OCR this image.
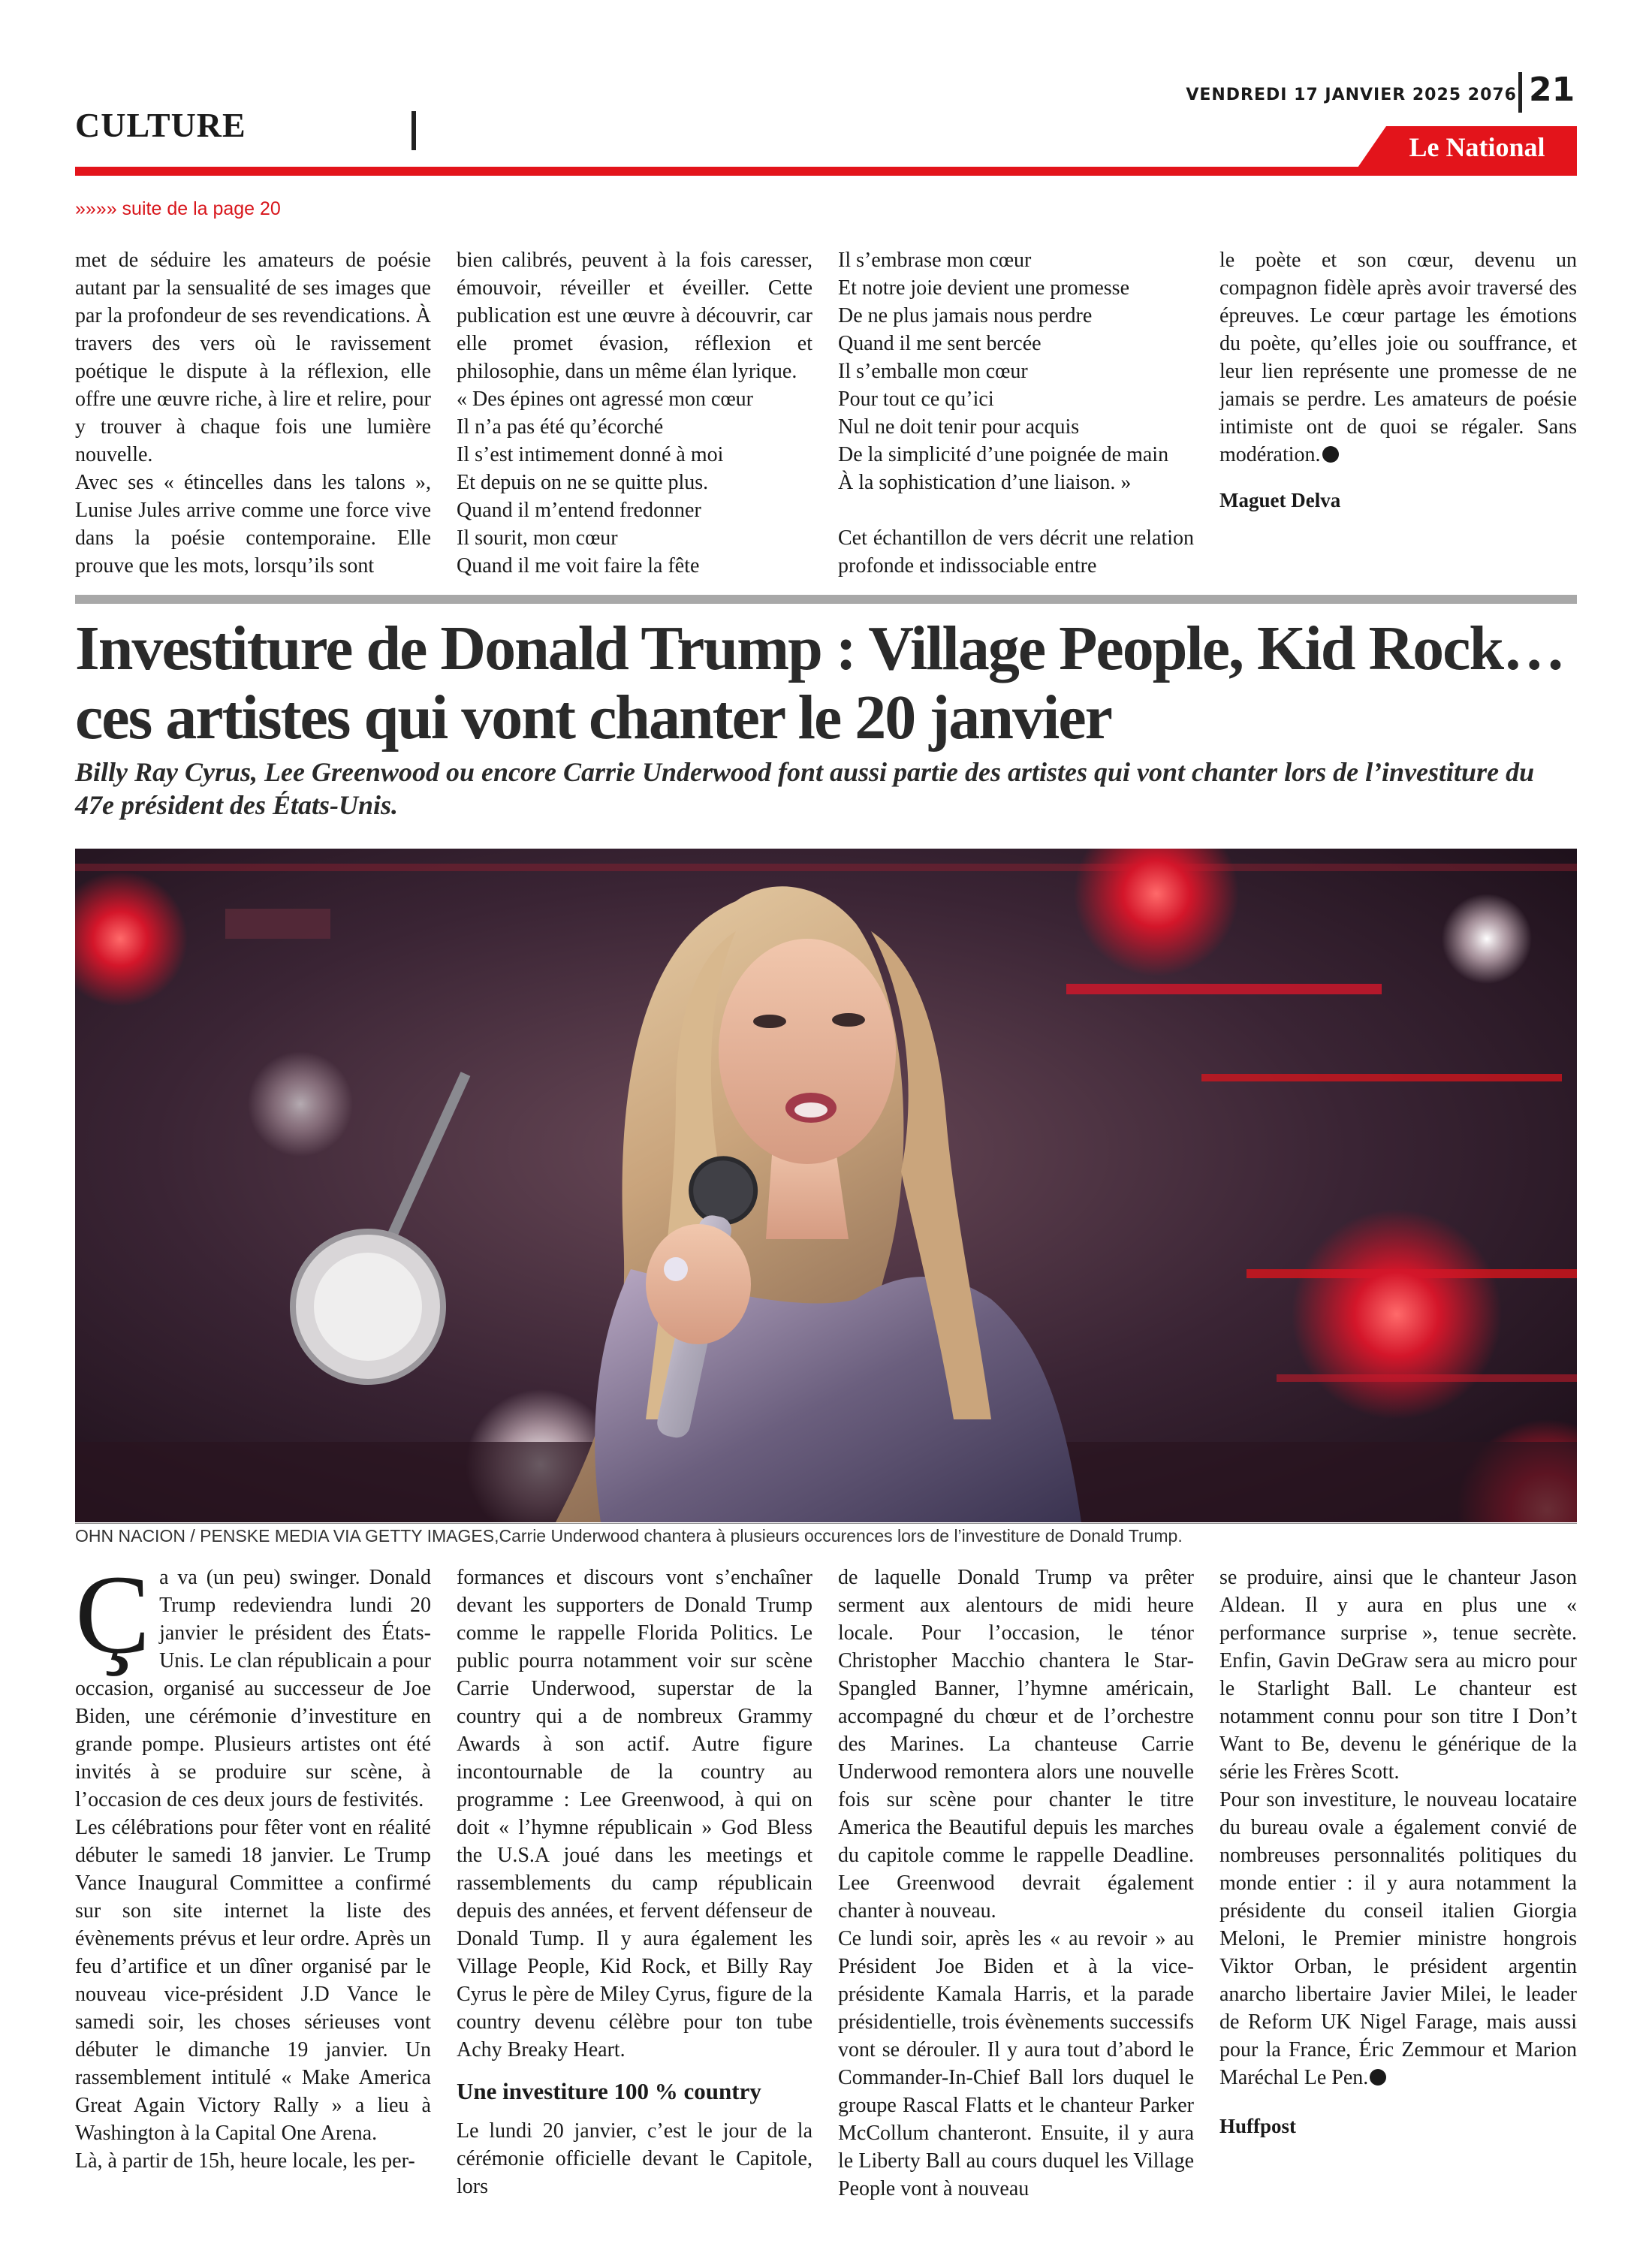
CULTURE
VENDREDI 17 JANVIER 2025 2076 21
Le National
»»»» suite de la page 20

met de séduire les amateurs de poésie autant par la sensualité de ses images que par la profondeur de ses revendications. À travers des vers où le ravissement poétique le dispute à la réflexion, elle offre une œuvre riche, à lire et relire, pour y trouver à chaque fois une lumière nouvelle.

Avec ses « étincelles dans les talons », Lunise Jules arrive comme une force vive dans la poésie contemporaine. Elle prouve que les mots, lorsqu’ils sont

bien calibrés, peuvent à la fois caresser, émouvoir, réveiller et éveiller. Cette publication est une œuvre à découvrir, car elle promet évasion, réflexion et philosophie, dans un même élan lyrique.

« Des épines ont agressé mon cœur
Il n’a pas été qu’écorché
Il s’est intimement donné à moi
Et depuis on ne se quitte plus.
Quand il m’entend fredonner
Il sourit, mon cœur
Quand il me voit faire la fête
Il s’embrase mon cœur
Et notre joie devient une promesse
De ne plus jamais nous perdre
Quand il me sent bercée
Il s’emballe mon cœur
Pour tout ce qu’ici
Nul ne doit tenir pour acquis
De la simplicité d’une poignée de main
À la sophistication d’une liaison. »

Cet échantillon de vers décrit une relation profonde et indissociable entre

le poète et son cœur, devenu un compagnon fidèle après avoir traversé des épreuves. Le cœur partage les émotions du poète, qu’elles joie ou souffrance, et leur lien représente une promesse de ne jamais se perdre. Les amateurs de poésie intimiste ont de quoi se régaler. Sans modération.

Maguet Delva

Investiture de Donald Trump : Village People, Kid Rock…
ces artistes qui vont chanter le 20 janvier
Billy Ray Cyrus, Lee Greenwood ou encore Carrie Underwood font aussi partie des artistes qui vont chanter lors de l’investiture du 47e président des États-Unis.
OHN NACION / PENSKE MEDIA VIA GETTY IMAGES,Carrie Underwood chantera à plusieurs occurences lors de l’investiture de Donald Trump.

Ça va (un peu) swinger. Donald Trump redeviendra lundi 20 janvier le président des États-Unis. Le clan républicain a pour occasion, organisé au successeur de Joe Biden, une cérémonie d’investiture en grande pompe. Plusieurs artistes ont été invités à se produire sur scène, à l’occasion de ces deux jours de festivités.

Les célébrations pour fêter vont en réalité débuter le samedi 18 janvier. Le Trump Vance Inaugural Committee a confirmé sur son site internet la liste des évènements prévus et leur ordre. Après un feu d’artifice et un dîner organisé par le nouveau vice-président J.D Vance le samedi soir, les choses sérieuses vont débuter le dimanche 19 janvier. Un rassemblement intitulé « Make America Great Again Victory Rally » a lieu à Washington à la Capital One Arena.

Là, à partir de 15h, heure locale, les per-

formances et discours vont s’enchaîner devant les supporters de Donald Trump comme le rappelle Florida Politics. Le public pourra notamment voir sur scène Carrie Underwood, superstar de la country qui a de nombreux Grammy Awards à son actif. Autre figure incontournable de la country au programme : Lee Greenwood, à qui on doit « l’hymne républicain » God Bless the U.S.A joué dans les meetings et rassemblements du camp républicain depuis des années, et fervent défenseur de Donald Tump. Il y aura également les Village People, Kid Rock, et Billy Ray Cyrus le père de Miley Cyrus, figure de la country devenu célèbre pour ton tube Achy Breaky Heart.

Une investiture 100 % country

Le lundi 20 janvier, c’est le jour de la cérémonie officielle devant le Capitole, lors

de laquelle Donald Trump va prêter serment aux alentours de midi heure locale. Pour l’occasion, le ténor Christopher Macchio chantera le Star-Spangled Banner, l’hymne américain, accompagné du chœur et de l’orchestre des Marines. La chanteuse Carrie Underwood remontera alors une nouvelle fois sur scène pour chanter le titre America the Beautiful depuis les marches du capitole comme le rappelle Deadline. Lee Greenwood devrait également chanter à nouveau.

Ce lundi soir, après les « au revoir » au Président Joe Biden et à la vice-présidente Kamala Harris, et la parade présidentielle, trois évènements successifs vont se dérouler. Il y aura tout d’abord le Commander-In-Chief Ball lors duquel le groupe Rascal Flatts et le chanteur Parker McCollum chanteront. Ensuite, il y aura le Liberty Ball au cours duquel les Village People vont à nouveau

se produire, ainsi que le chanteur Jason Aldean. Il y aura en plus une « performance surprise », tenue secrète. Enfin, Gavin DeGraw sera au micro pour le Starlight Ball. Le chanteur est notamment connu pour son titre I Don’t Want to Be, devenu le générique de la série les Frères Scott.

Pour son investiture, le nouveau locataire du bureau ovale a également convié de nombreuses personnalités politiques du monde entier : il y aura notamment la présidente du conseil italien Giorgia Meloni, le Premier ministre hongrois Viktor Orban, le président argentin anarcho libertaire Javier Milei, le leader de Reform UK Nigel Farage, mais aussi pour la France, Éric Zemmour et Marion Maréchal Le Pen.

Huffpost
